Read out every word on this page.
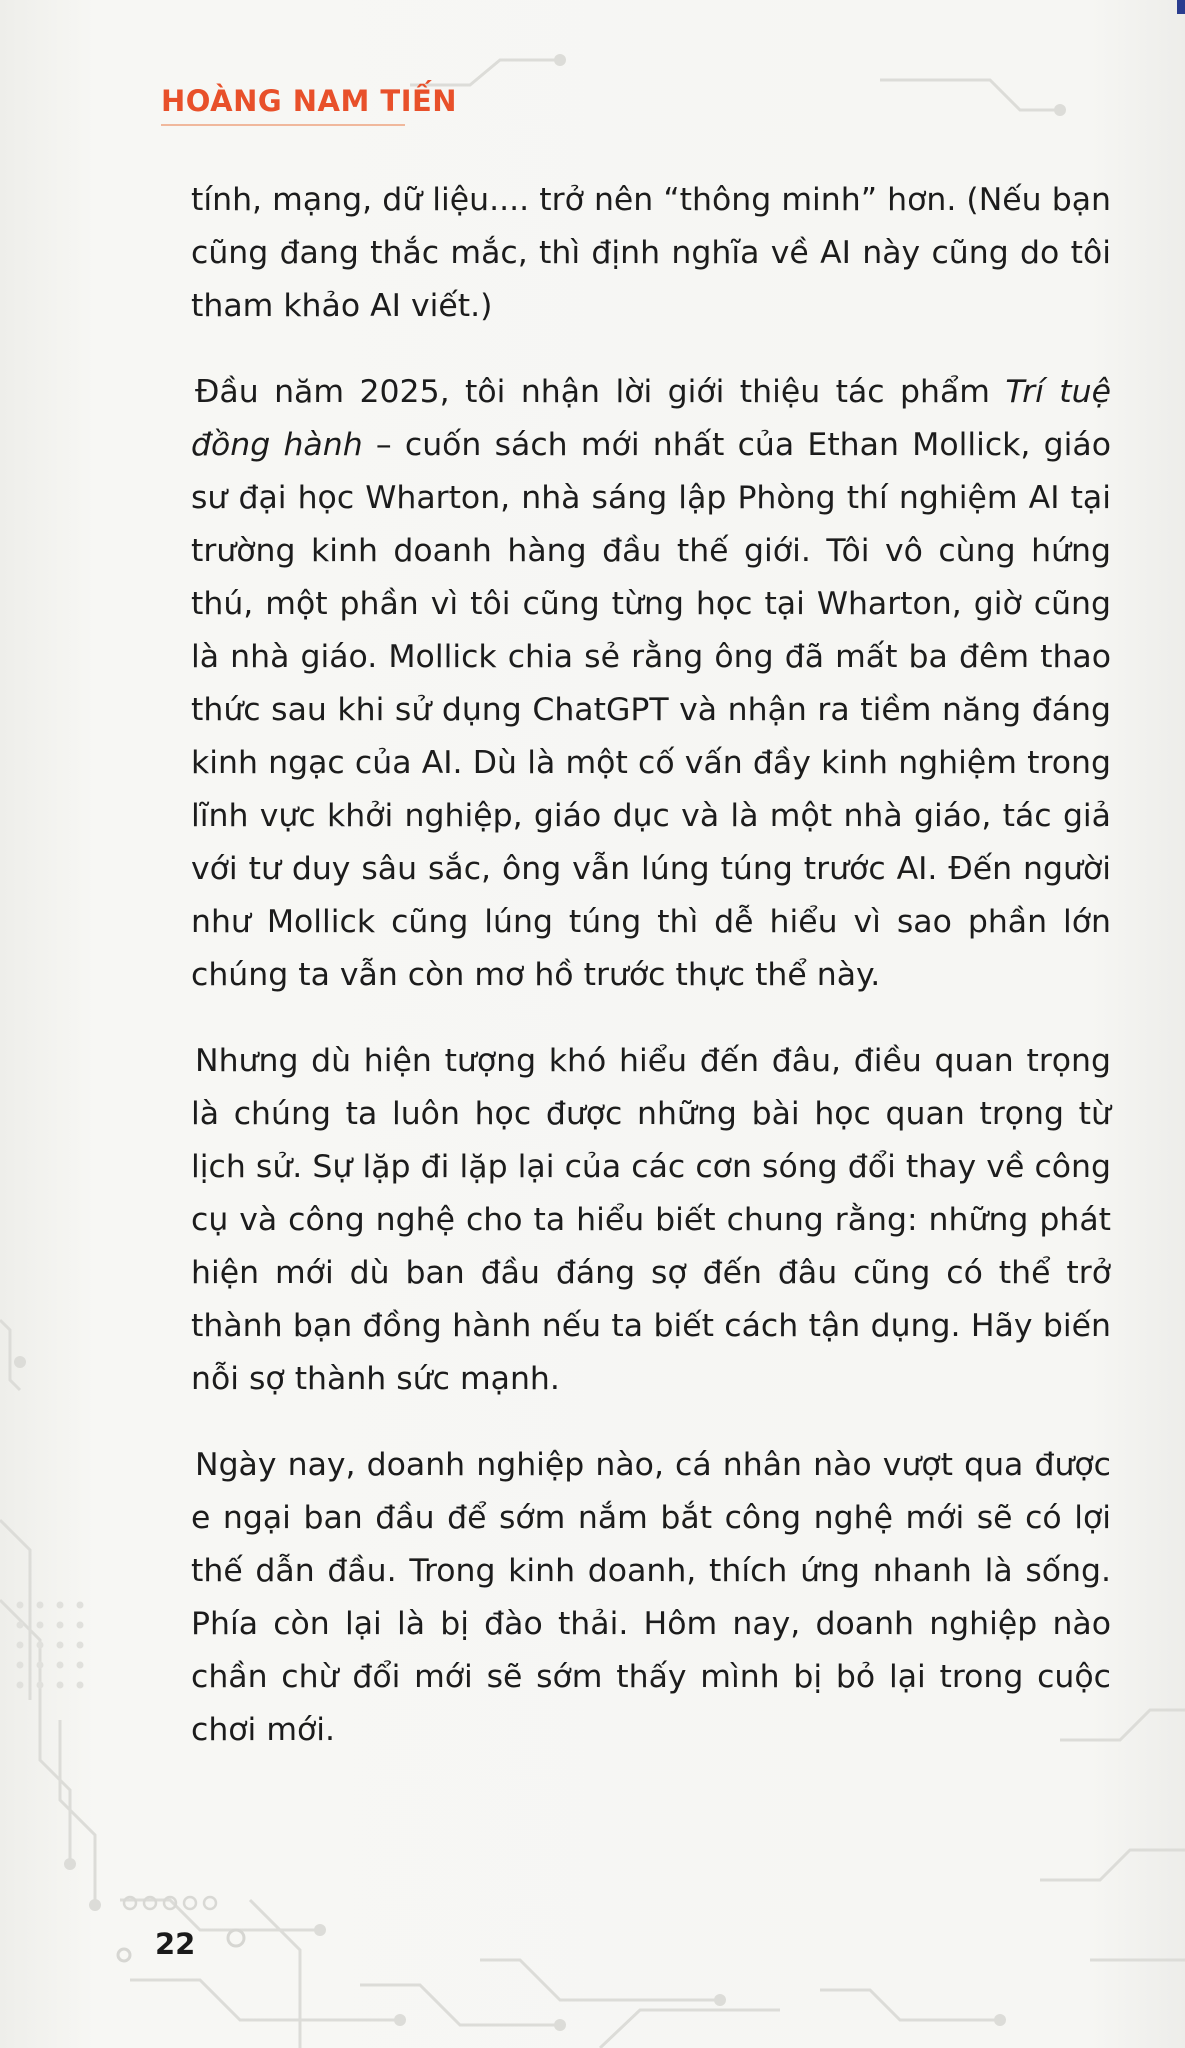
HOÀNG NAM TIẾN

tính, mạng, dữ liệu.... trở nên “thông minh” hơn. (Nếu bạn cũng đang thắc mắc, thì định nghĩa về AI này cũng do tôi tham khảo AI viết.)

Đầu năm 2025, tôi nhận lời giới thiệu tác phẩm Trí tuệ đồng hành – cuốn sách mới nhất của Ethan Mollick, giáo sư đại học Wharton, nhà sáng lập Phòng thí nghiệm AI tại trường kinh doanh hàng đầu thế giới. Tôi vô cùng hứng thú, một phần vì tôi cũng từng học tại Wharton, giờ cũng là nhà giáo. Mollick chia sẻ rằng ông đã mất ba đêm thao thức sau khi sử dụng ChatGPT và nhận ra tiềm năng đáng kinh ngạc của AI. Dù là một cố vấn đầy kinh nghiệm trong lĩnh vực khởi nghiệp, giáo dục và là một nhà giáo, tác giả với tư duy sâu sắc, ông vẫn lúng túng trước AI. Đến người như Mollick cũng lúng túng thì dễ hiểu vì sao phần lớn chúng ta vẫn còn mơ hồ trước thực thể này.

Nhưng dù hiện tượng khó hiểu đến đâu, điều quan trọng là chúng ta luôn học được những bài học quan trọng từ lịch sử. Sự lặp đi lặp lại của các cơn sóng đổi thay về công cụ và công nghệ cho ta hiểu biết chung rằng: những phát hiện mới dù ban đầu đáng sợ đến đâu cũng có thể trở thành bạn đồng hành nếu ta biết cách tận dụng. Hãy biến nỗi sợ thành sức mạnh.

Ngày nay, doanh nghiệp nào, cá nhân nào vượt qua được e ngại ban đầu để sớm nắm bắt công nghệ mới sẽ có lợi thế dẫn đầu. Trong kinh doanh, thích ứng nhanh là sống. Phía còn lại là bị đào thải. Hôm nay, doanh nghiệp nào chần chừ đổi mới sẽ sớm thấy mình bị bỏ lại trong cuộc chơi mới.

22
